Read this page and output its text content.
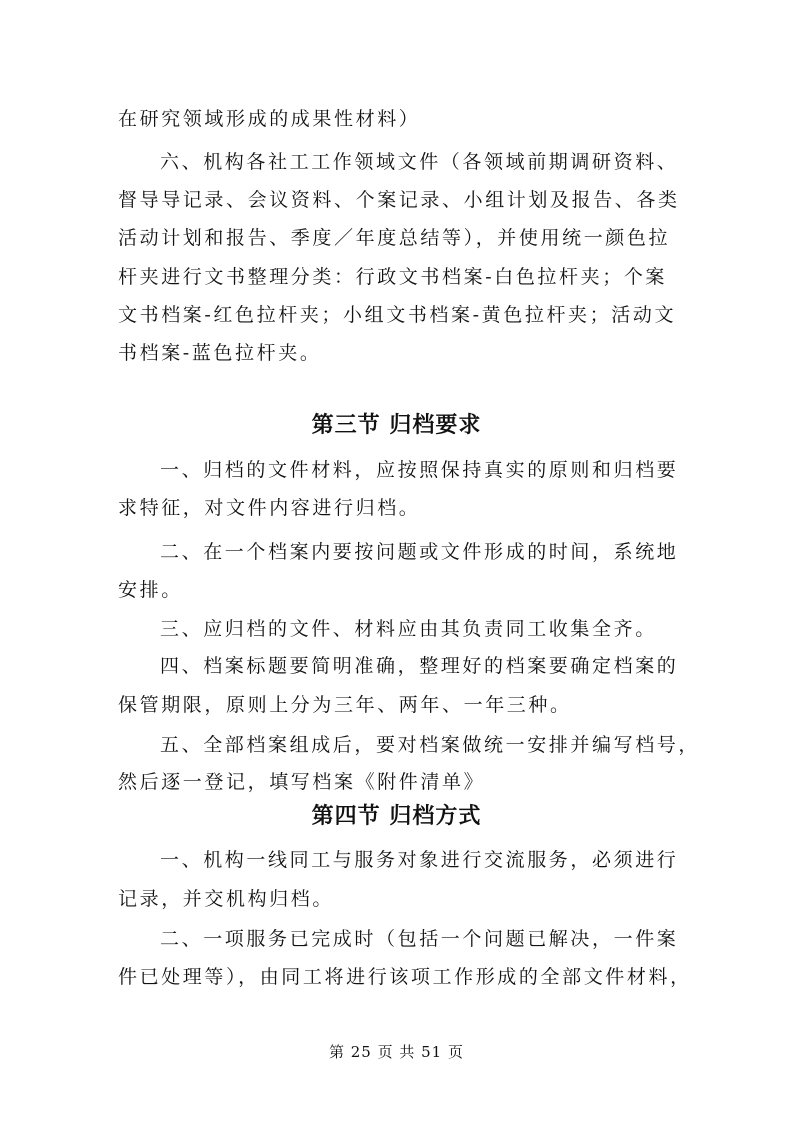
在研究领域形成的成果性材料）
六、机构各社工工作领域文件（各领域前期调研资料、
督导导记录、会议资料、个案记录、小组计划及报告、各类
活动计划和报告、季度／年度总结等），并使用统一颜色拉
杆夹进行文书整理分类：行政文书档案-白色拉杆夹；个案
文书档案-红色拉杆夹；小组文书档案-黄色拉杆夹；活动文
书档案-蓝色拉杆夹。
第三节 归档要求
一、归档的文件材料，应按照保持真实的原则和归档要
求特征，对文件内容进行归档。
二、在一个档案内要按问题或文件形成的时间，系统地
安排。
三、应归档的文件、材料应由其负责同工收集全齐。
四、档案标题要简明准确，整理好的档案要确定档案的
保管期限，原则上分为三年、两年、一年三种。
五、全部档案组成后，要对档案做统一安排并编写档号，
然后逐一登记，填写档案《附件清单》
第四节 归档方式
一、机构一线同工与服务对象进行交流服务，必须进行
记录，并交机构归档。
二、一项服务已完成时（包括一个问题已解决，一件案
件已处理等），由同工将进行该项工作形成的全部文件材料，
第 25 页 共 51 页
